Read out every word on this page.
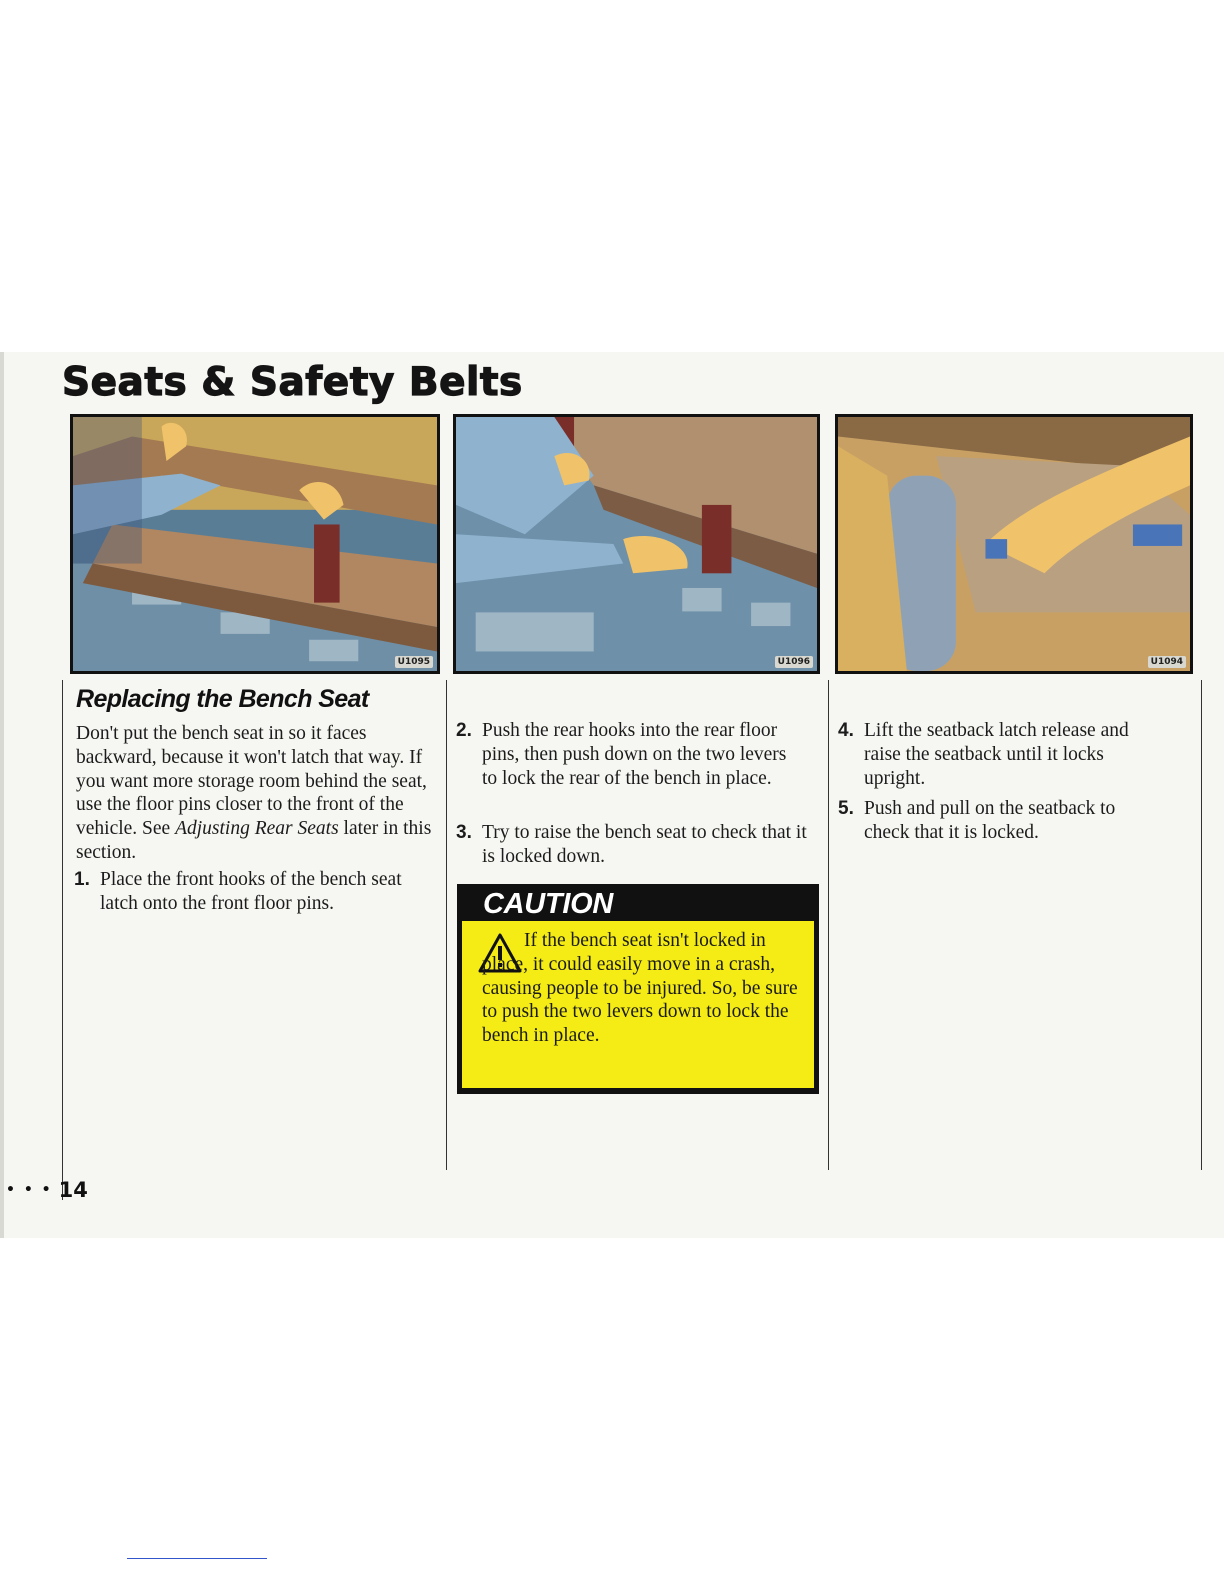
Seats & Safety Belts
U1095	U1096	U1094
Replacing the Bench Seat

Don't put the bench seat in so it faces backward, because it won't latch that way. If you want more storage room behind the seat, use the floor pins closer to the front of the vehicle. See Adjusting Rear Seats later in this section.

1. Place the front hooks of the bench seat latch onto the front floor pins.
2. Push the rear hooks into the rear floor pins, then push down on the two levers to lock the rear of the bench in place.
3. Try to raise the bench seat to check that it is locked down.
CAUTION

If the bench seat isn't locked in place, it could easily move in a crash, causing people to be injured. So, be sure to push the two levers down to lock the bench in place.

4. Lift the seatback latch release and raise the seatback until it locks upright.
5. Push and pull on the seatback to check that it is locked.
• • • 14
